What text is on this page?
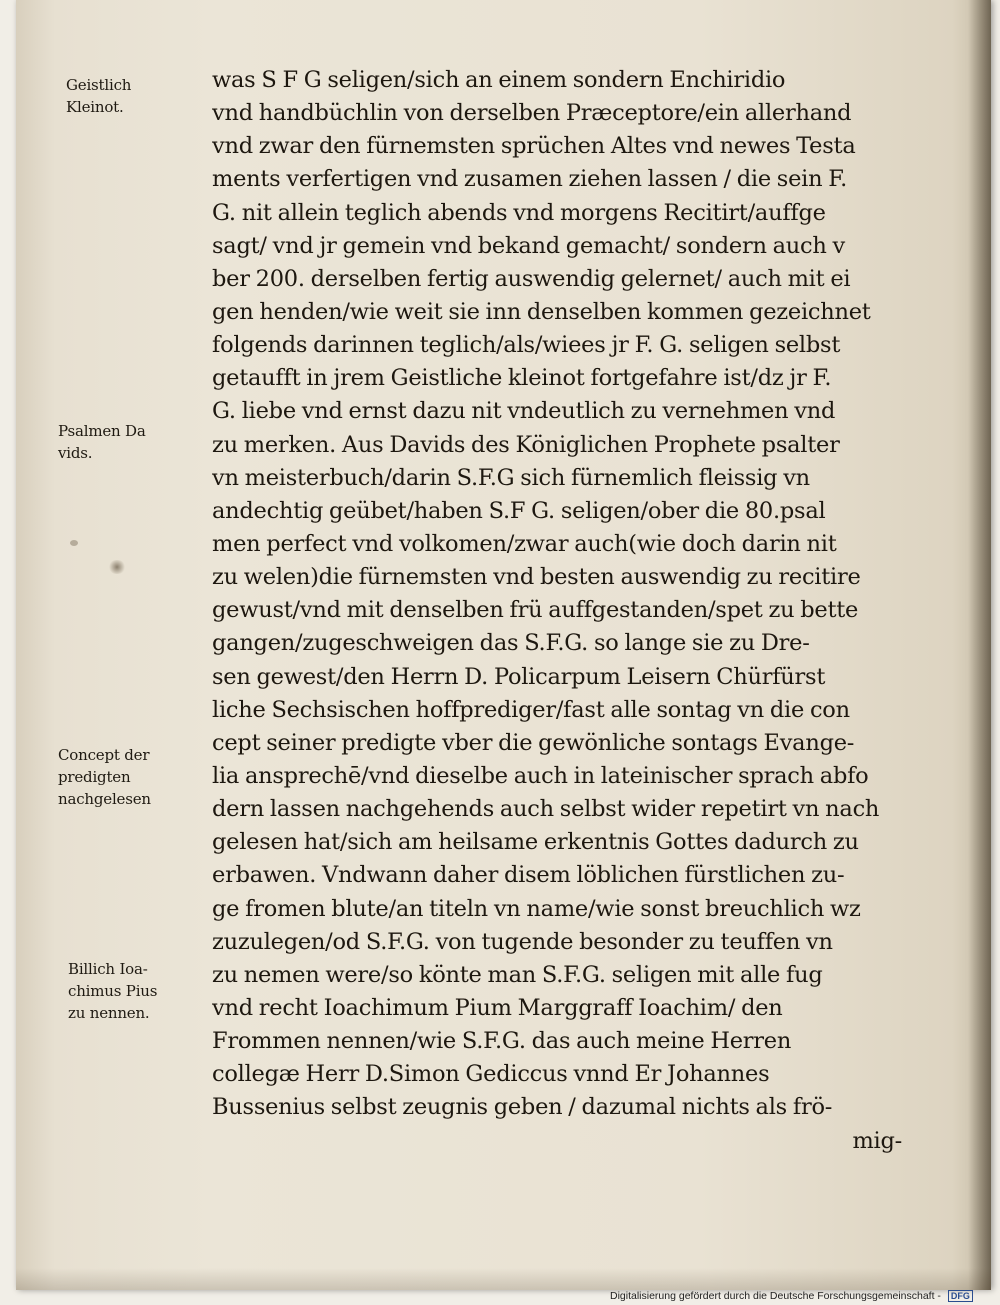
Geistlich
Kleinot.
Psalmen Da
vids.
Concept der
predigten
nachgelesen
Billich Ioa-
chimus Pius
zu nennen.
was S F G seligen/sich an einem sondern Enchiridio
vnd handbüchlin von derselben Præceptore/ein allerhand
vnd zwar den fürnemsten sprüchen Altes vnd newes Testa
ments verfertigen vnd zusamen ziehen lassen / die sein F.
G. nit allein teglich abends vnd morgens Recitirt/auffge
sagt/ vnd jr gemein vnd bekand gemacht/ sondern auch v
ber 200. derselben fertig auswendig gelernet/ auch mit ei
gen henden/wie weit sie inn denselben kommen gezeichnet
folgends darinnen teglich/als/wiees jr F. G. seligen selbst
getaufft in jrem Geistliche kleinot fortgefahre ist/dz jr F.
G. liebe vnd ernst dazu nit vndeutlich zu vernehmen vnd
zu merken. Aus Davids des Königlichen Prophete psalter
vn meisterbuch/darin S.F.G sich fürnemlich fleissig vn
andechtig geübet/haben S.F G. seligen/ober die 80.psal
men perfect vnd volkomen/zwar auch(wie doch darin nit
zu welen)die fürnemsten vnd besten auswendig zu recitire
gewust/vnd mit denselben frü auffgestanden/spet zu bette
gangen/zugeschweigen das S.F.G. so lange sie zu Dre-
sen gewest/den Herrn D. Policarpum Leisern Chürfürst
liche Sechsischen hoffprediger/fast alle sontag vn die con
cept seiner predigte vber die gewönliche sontags Evange-
lia ansprechē/vnd dieselbe auch in lateinischer sprach abfo
dern lassen nachgehends auch selbst wider repetirt vn nach
gelesen hat/sich am heilsame erkentnis Gottes dadurch zu
erbawen. Vndwann daher disem löblichen fürstlichen zu-
ge fromen blute/an titeln vn name/wie sonst breuchlich wz
zuzulegen/od S.F.G. von tugende besonder zu teuffen vn
zu nemen were/so könte man S.F.G. seligen mit alle fug
vnd recht Ioachimum Pium Marggraff Ioachim/ den
Frommen nennen/wie S.F.G. das auch meine Herren
collegæ Herr D.Simon Gediccus vnnd Er Johannes
Bussenius selbst zeugnis geben / dazumal nichts als frö-
mig-
Digitalisierung gefördert durch die Deutsche Forschungsgemeinschaft - DFG
